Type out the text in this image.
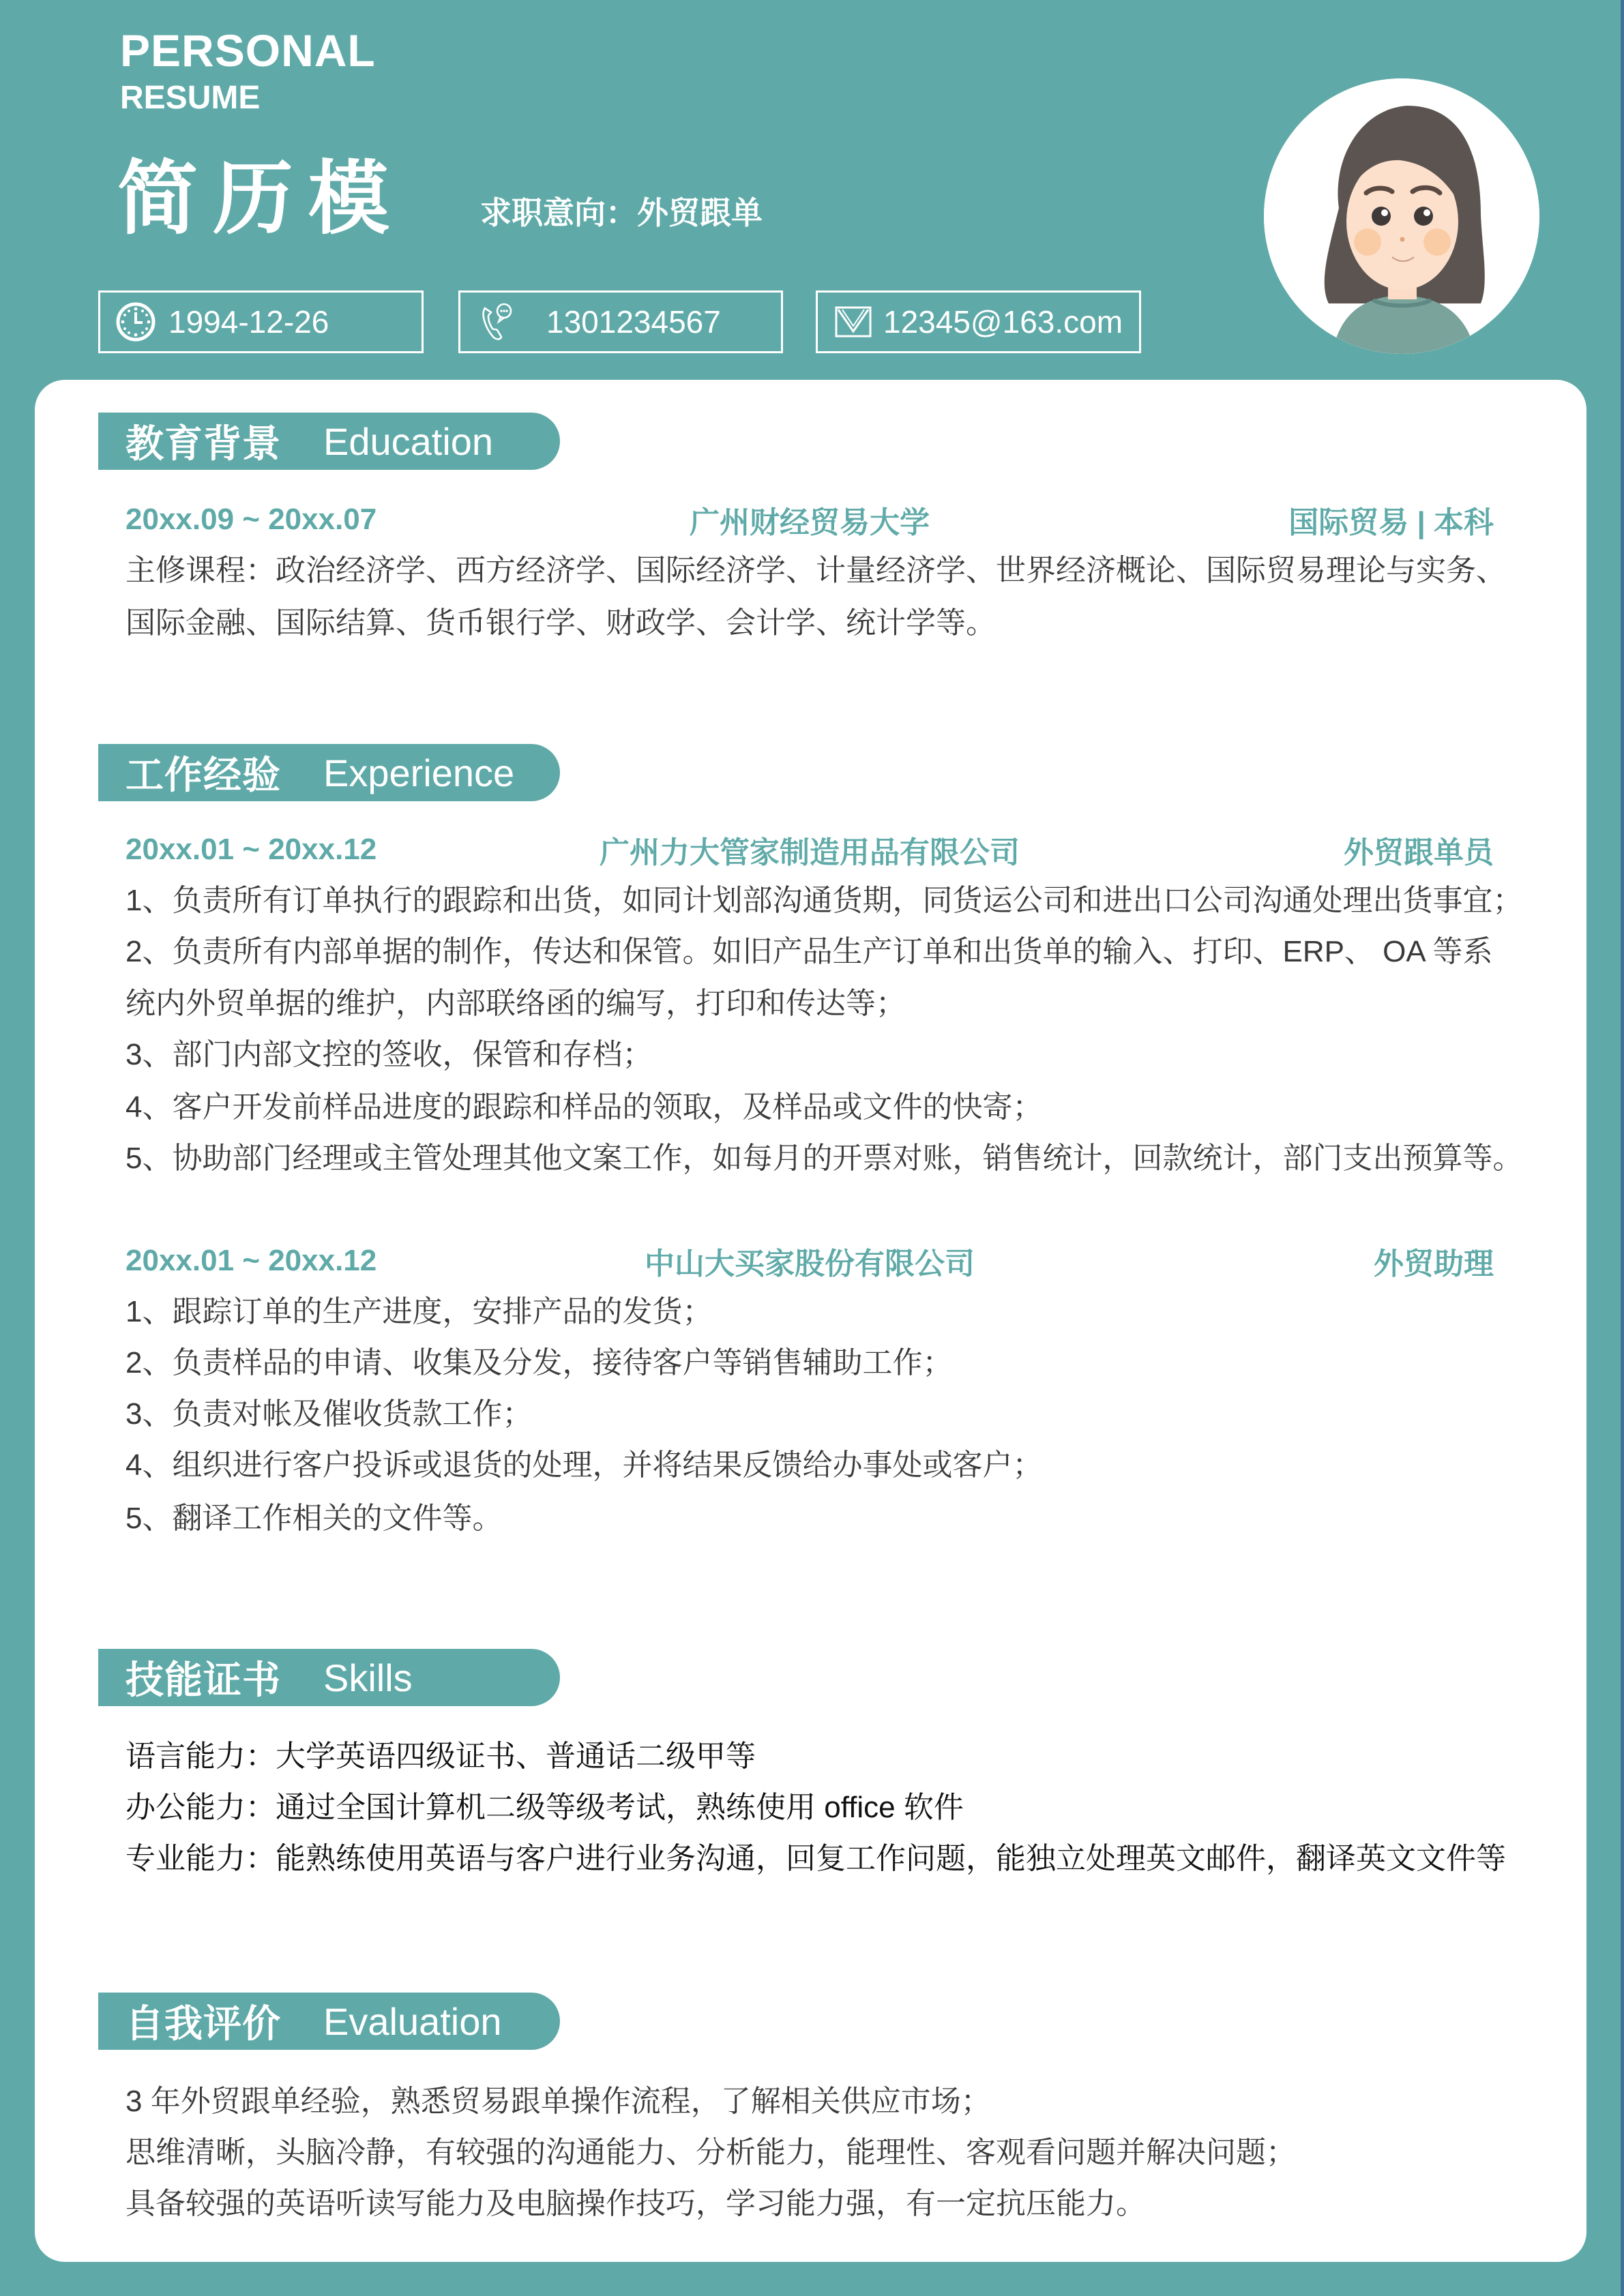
PERSONAL
RESUME
简历模 求职意向：外贸跟单
1994-12-26	1301234567	12345@163.com
教育背景 Education
20xx.09 ~ 20xx.07	广州财经贸易大学	国际贸易 | 本科
主修课程：政治经济学、西方经济学、国际经济学、计量经济学、世界经济概论、国际贸易理论与实务、
国际金融、国际结算、货币银行学、财政学、会计学、统计学等。
工作经验 Experience
20xx.01 ~ 20xx.12	广州力大管家制造用品有限公司	外贸跟单员
1、负责所有订单执行的跟踪和出货，如同计划部沟通货期，同货运公司和进出口公司沟通处理出货事宜；
2、负责所有内部单据的制作，传达和保管。如旧产品生产订单和出货单的输入、打印、ERP、 OA 等系
统内外贸单据的维护，内部联络函的编写，打印和传达等；
3、部门内部文控的签收，保管和存档；
4、客户开发前样品进度的跟踪和样品的领取，及样品或文件的快寄；
5、协助部门经理或主管处理其他文案工作，如每月的开票对账，销售统计，回款统计，部门支出预算等。
20xx.01 ~ 20xx.12	中山大买家股份有限公司	外贸助理
1、跟踪订单的生产进度，安排产品的发货；
2、负责样品的申请、收集及分发，接待客户等销售辅助工作；
3、负责对帐及催收货款工作；
4、组织进行客户投诉或退货的处理，并将结果反馈给办事处或客户；
5、翻译工作相关的文件等。
技能证书 Skills
语言能力：大学英语四级证书、普通话二级甲等
办公能力：通过全国计算机二级等级考试，熟练使用 office 软件
专业能力：能熟练使用英语与客户进行业务沟通，回复工作问题，能独立处理英文邮件，翻译英文文件等
自我评价 Evaluation
3 年外贸跟单经验，熟悉贸易跟单操作流程，了解相关供应市场；
思维清晰，头脑冷静，有较强的沟通能力、分析能力，能理性、客观看问题并解决问题；
具备较强的英语听读写能力及电脑操作技巧，学习能力强，有一定抗压能力。
